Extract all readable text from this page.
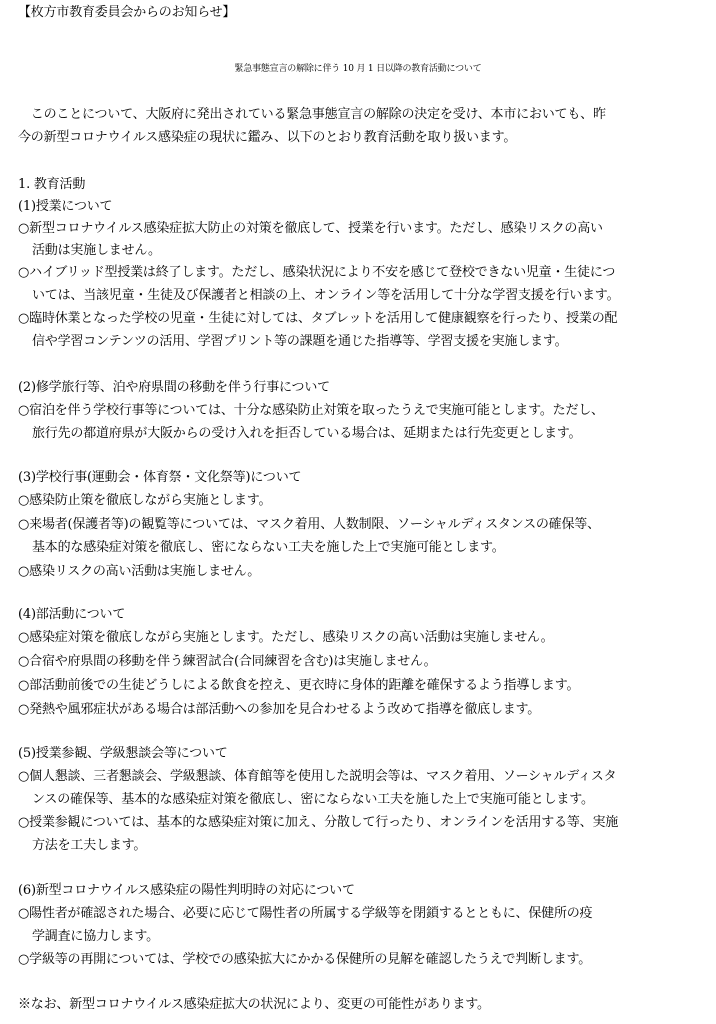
【枚方市教育委員会からのお知らせ】
緊急事態宣言の解除に伴う 10 月 1 日以降の教育活動について
　このことについて、大阪府に発出されている緊急事態宣言の解除の決定を受け、本市においても、昨
今の新型コロナウイルス感染症の現状に鑑み、以下のとおり教育活動を取り扱います。
1. 教育活動
(1)授業について
○新型コロナウイルス感染症拡大防止の対策を徹底して、授業を行います。ただし、感染リスクの高い
活動は実施しません。
○ハイブリッド型授業は終了します。ただし、感染状況により不安を感じて登校できない児童・生徒につ
いては、当該児童・生徒及び保護者と相談の上、オンライン等を活用して十分な学習支援を行います。
○臨時休業となった学校の児童・生徒に対しては、タブレットを活用して健康観察を行ったり、授業の配
信や学習コンテンツの活用、学習プリント等の課題を通じた指導等、学習支援を実施します。
(2)修学旅行等、泊や府県間の移動を伴う行事について
○宿泊を伴う学校行事等については、十分な感染防止対策を取ったうえで実施可能とします。ただし、
旅行先の都道府県が大阪からの受け入れを拒否している場合は、延期または行先変更とします。
(3)学校行事(運動会・体育祭・文化祭等)について
○感染防止策を徹底しながら実施とします。
○来場者(保護者等)の観覧等については、マスク着用、人数制限、ソーシャルディスタンスの確保等、
基本的な感染症対策を徹底し、密にならない工夫を施した上で実施可能とします。
○感染リスクの高い活動は実施しません。
(4)部活動について
○感染症対策を徹底しながら実施とします。ただし、感染リスクの高い活動は実施しません。
○合宿や府県間の移動を伴う練習試合(合同練習を含む)は実施しません。
○部活動前後での生徒どうしによる飲食を控え、更衣時に身体的距離を確保するよう指導します。
○発熱や風邪症状がある場合は部活動への参加を見合わせるよう改めて指導を徹底します。
(5)授業参観、学級懇談会等について
○個人懇談、三者懇談会、学級懇談、体育館等を使用した説明会等は、マスク着用、ソーシャルディスタ
ンスの確保等、基本的な感染症対策を徹底し、密にならない工夫を施した上で実施可能とします。
○授業参観については、基本的な感染症対策に加え、分散して行ったり、オンラインを活用する等、実施
方法を工夫します。
(6)新型コロナウイルス感染症の陽性判明時の対応について
○陽性者が確認された場合、必要に応じて陽性者の所属する学級等を閉鎖するとともに、保健所の疫
学調査に協力します。
○学級等の再開については、学校での感染拡大にかかる保健所の見解を確認したうえで判断します。
※なお、新型コロナウイルス感染症拡大の状況により、変更の可能性があります。
